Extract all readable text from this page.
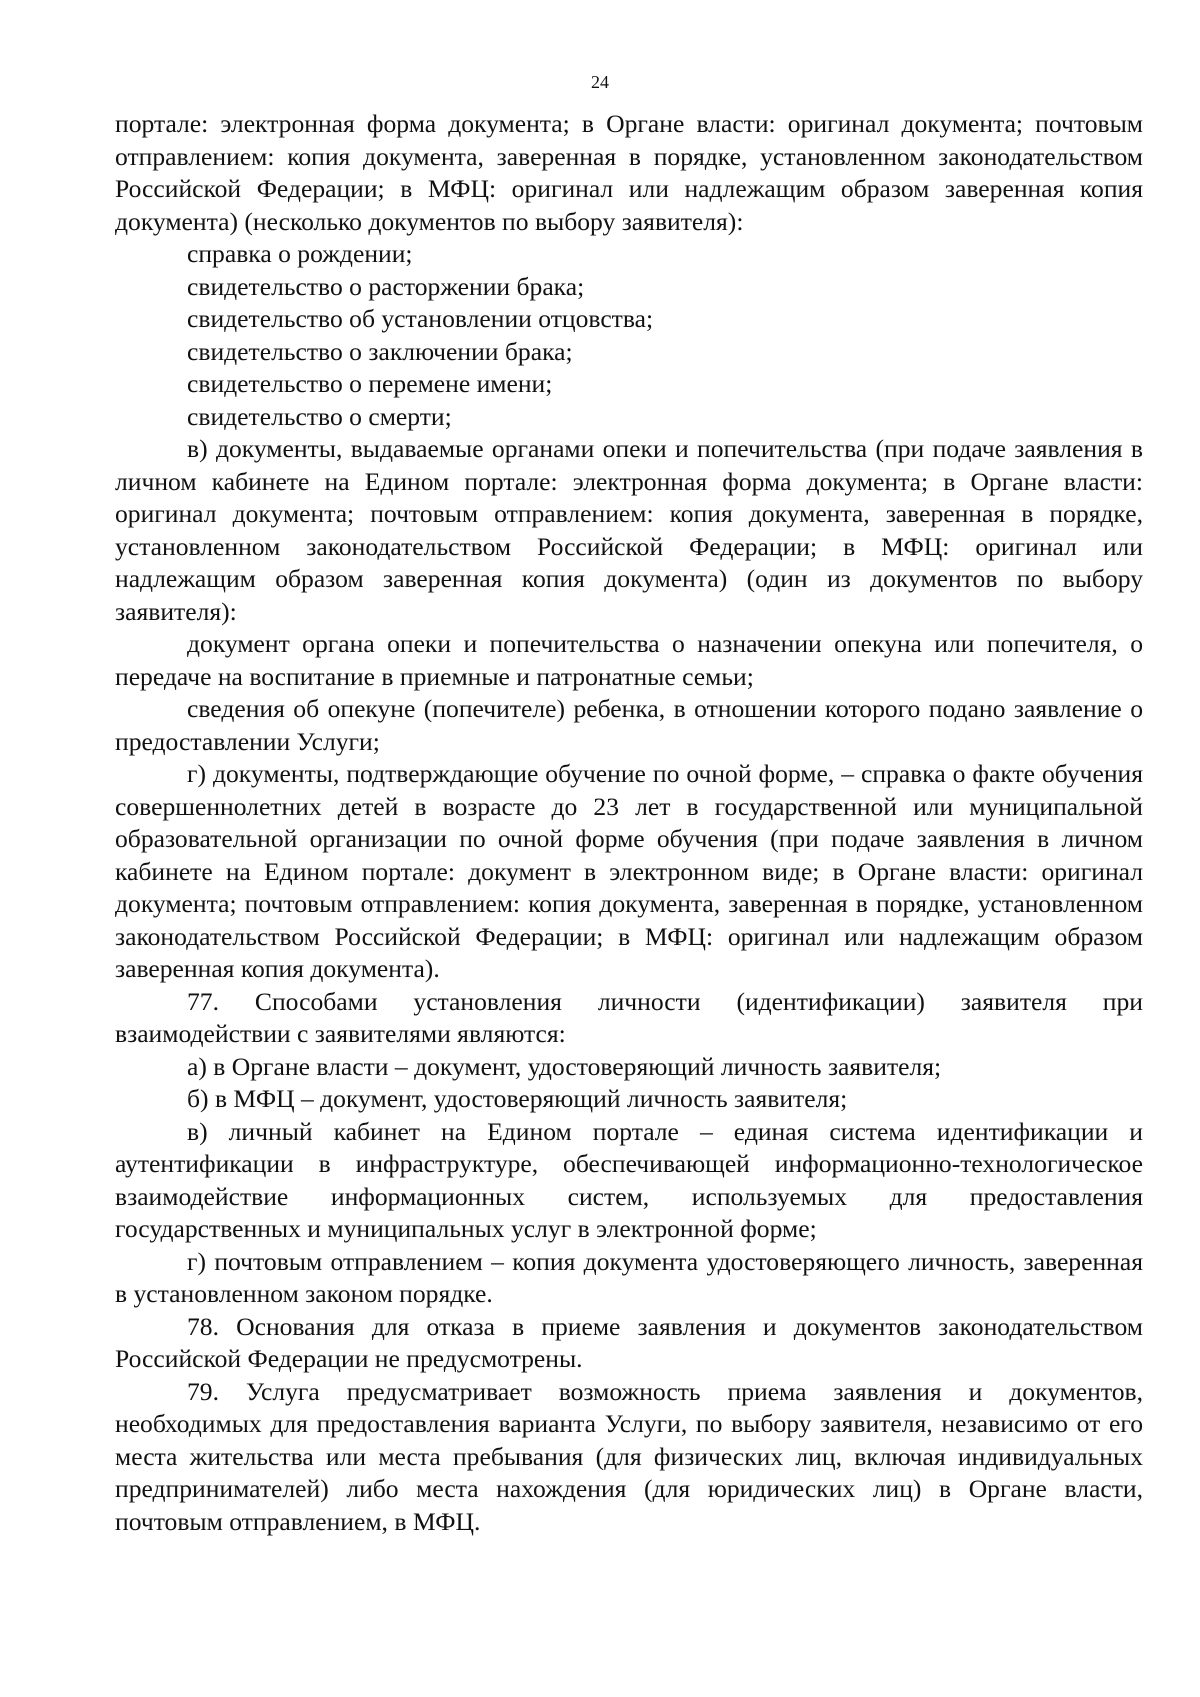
24

порталe: электронная форма документа; в Органе власти: оригинал документа; почтовым отправлением: копия документа, заверенная в порядке, установленном законодательством Российской Федерации; в МФЦ: оригинал или надлежащим образом заверенная копия документа) (несколько документов по выбору заявителя):

справка о рождении;

свидетельство о расторжении брака;

свидетельство об установлении отцовства;

свидетельство о заключении брака;

свидетельство о перемене имени;

свидетельство о смерти;

в) документы, выдаваемые органами опеки и попечительства (при подаче заявления в личном кабинете на Едином портале: электронная форма документа; в Органе власти: оригинал документа; почтовым отправлением: копия документа, заверенная в порядке, установленном законодательством Российской Федерации; в МФЦ: оригинал или надлежащим образом заверенная копия документа) (один из документов по выбору заявителя):

документ органа опеки и попечительства о назначении опекуна или попечителя, о передаче на воспитание в приемные и патронатные семьи;

сведения об опекуне (попечителе) ребенка, в отношении которого подано заявление о предоставлении Услуги;

г) документы, подтверждающие обучение по очной форме, – справка о факте обучения совершеннолетних детей в возрасте до 23 лет в государственной или муниципальной образовательной организации по очной форме обучения (при подаче заявления в личном кабинете на Едином портале: документ в электронном виде; в Органе власти: оригинал документа; почтовым отправлением: копия документа, заверенная в порядке, установленном законодательством Российской Федерации; в МФЦ: оригинал или надлежащим образом заверенная копия документа).

77. Способами установления личности (идентификации) заявителя при взаимодействии с заявителями являются:

а) в Органе власти – документ, удостоверяющий личность заявителя;

б) в МФЦ – документ, удостоверяющий личность заявителя;

в) личный кабинет на Едином портале – единая система идентификации и аутентификации в инфраструктуре, обеспечивающей информационно-технологическое взаимодействие информационных систем, используемых для предоставления государственных и муниципальных услуг в электронной форме;

г) почтовым отправлением – копия документа удостоверяющего личность, заверенная в установленном законом порядке.

78. Основания для отказа в приеме заявления и документов законодательством Российской Федерации не предусмотрены.

79. Услуга предусматривает возможность приема заявления и документов, необходимых для предоставления варианта Услуги, по выбору заявителя, независимо от его места жительства или места пребывания (для физических лиц, включая индивидуальных предпринимателей) либо места нахождения (для юридических лиц) в Органе власти, почтовым отправлением, в МФЦ.
